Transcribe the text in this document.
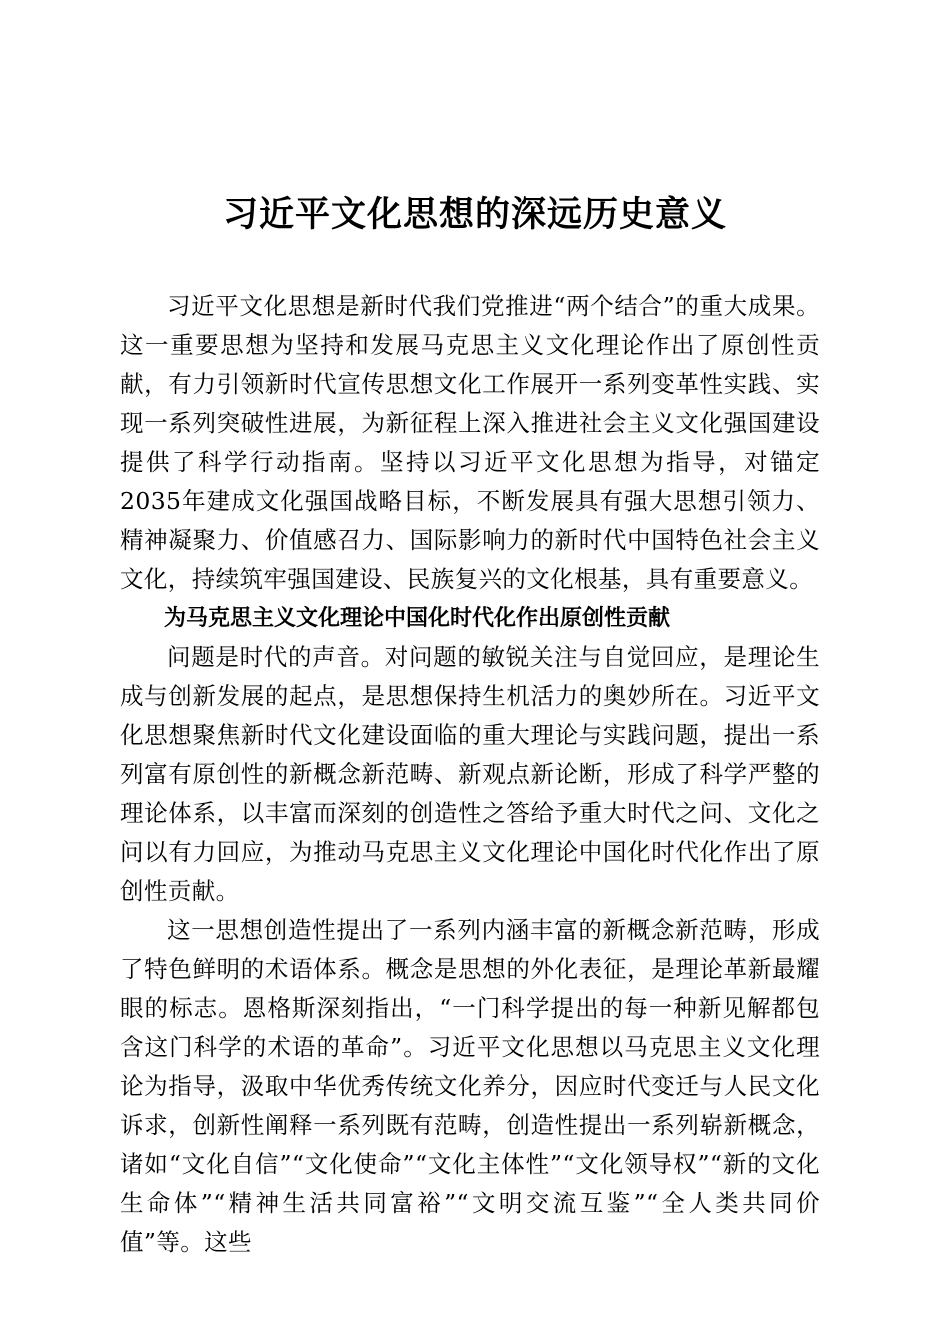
习近平文化思想的深远历史意义

习近平文化思想是新时代我们党推进“两个结合”的重大成果。这一重要思想为坚持和发展马克思主义文化理论作出了原创性贡献，有力引领新时代宣传思想文化工作展开一系列变革性实践、实现一系列突破性进展，为新征程上深入推进社会主义文化强国建设提供了科学行动指南。坚持以习近平文化思想为指导，对锚定2035年建成文化强国战略目标，不断发展具有强大思想引领力、精神凝聚力、价值感召力、国际影响力的新时代中国特色社会主义文化，持续筑牢强国建设、民族复兴的文化根基，具有重要意义。

为马克思主义文化理论中国化时代化作出原创性贡献

问题是时代的声音。对问题的敏锐关注与自觉回应，是理论生成与创新发展的起点，是思想保持生机活力的奥妙所在。习近平文化思想聚焦新时代文化建设面临的重大理论与实践问题，提出一系列富有原创性的新概念新范畴、新观点新论断，形成了科学严整的理论体系，以丰富而深刻的创造性之答给予重大时代之问、文化之问以有力回应，为推动马克思主义文化理论中国化时代化作出了原创性贡献。

这一思想创造性提出了一系列内涵丰富的新概念新范畴，形成了特色鲜明的术语体系。概念是思想的外化表征，是理论革新最耀眼的标志。恩格斯深刻指出，“一门科学提出的每一种新见解都包含这门科学的术语的革命”。习近平文化思想以马克思主义文化理论为指导，汲取中华优秀传统文化养分，因应时代变迁与人民文化诉求，创新性阐释一系列既有范畴，创造性提出一系列崭新概念，诸如“文化自信”“文化使命”“文化主体性”“文化领导权”“新的文化生命体”“精神生活共同富裕”“文明交流互鉴”“全人类共同价值”等。这些
